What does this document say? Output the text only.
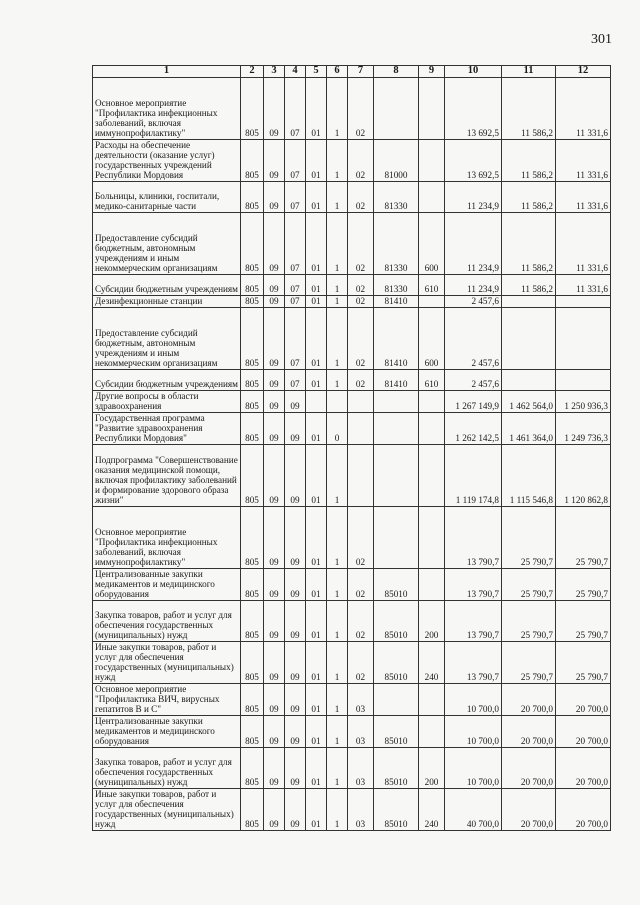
301
1	2	3	4	5	6	7	8	9	10	11	12
Основное мероприятие "Профилактика инфекционных заболеваний, включая иммунопрофилактику"	805	09	07	01	1	02			13 692,5	11 586,2	11 331,6
Расходы на обеспечение деятельности (оказание услуг) государственных учреждений Республики Мордовия	805	09	07	01	1	02	81000		13 692,5	11 586,2	11 331,6
Больницы, клиники, госпитали, медико-санитарные части	805	09	07	01	1	02	81330		11 234,9	11 586,2	11 331,6
Предоставление субсидий бюджетным, автономным учреждениям и иным некоммерческим организациям	805	09	07	01	1	02	81330	600	11 234,9	11 586,2	11 331,6
Субсидии бюджетным учреждениям	805	09	07	01	1	02	81330	610	11 234,9	11 586,2	11 331,6
Дезинфекционные станции	805	09	07	01	1	02	81410		2 457,6		
Предоставление субсидий бюджетным, автономным учреждениям и иным некоммерческим организациям	805	09	07	01	1	02	81410	600	2 457,6		
Субсидии бюджетным учреждениям	805	09	07	01	1	02	81410	610	2 457,6		
Другие вопросы в области здравоохранения	805	09	09						1 267 149,9	1 462 564,0	1 250 936,3
Государственная программа "Развитие здравоохранения Республики Мордовия"	805	09	09	01	0				1 262 142,5	1 461 364,0	1 249 736,3
Подпрограмма "Совершенствование оказания медицинской помощи, включая профилактику заболеваний и формирование здорового образа жизни"	805	09	09	01	1				1 119 174,8	1 115 546,8	1 120 862,8
Основное мероприятие "Профилактика инфекционных заболеваний, включая иммунопрофилактику"	805	09	09	01	1	02			13 790,7	25 790,7	25 790,7
Централизованные закупки медикаментов и медицинского оборудования	805	09	09	01	1	02	85010		13 790,7	25 790,7	25 790,7
Закупка товаров, работ и услуг для обеспечения государственных (муниципальных) нужд	805	09	09	01	1	02	85010	200	13 790,7	25 790,7	25 790,7
Иные закупки товаров, работ и услуг для обеспечения государственных (муниципальных) нужд	805	09	09	01	1	02	85010	240	13 790,7	25 790,7	25 790,7
Основное мероприятие "Профилактика ВИЧ, вирусных гепатитов В и С"	805	09	09	01	1	03			10 700,0	20 700,0	20 700,0
Централизованные закупки медикаментов и медицинского оборудования	805	09	09	01	1	03	85010		10 700,0	20 700,0	20 700,0
Закупка товаров, работ и услуг для обеспечения государственных (муниципальных) нужд	805	09	09	01	1	03	85010	200	10 700,0	20 700,0	20 700,0
Иные закупки товаров, работ и услуг для обеспечения государственных (муниципальных) нужд	805	09	09	01	1	03	85010	240	40 700,0	20 700,0	20 700,0
